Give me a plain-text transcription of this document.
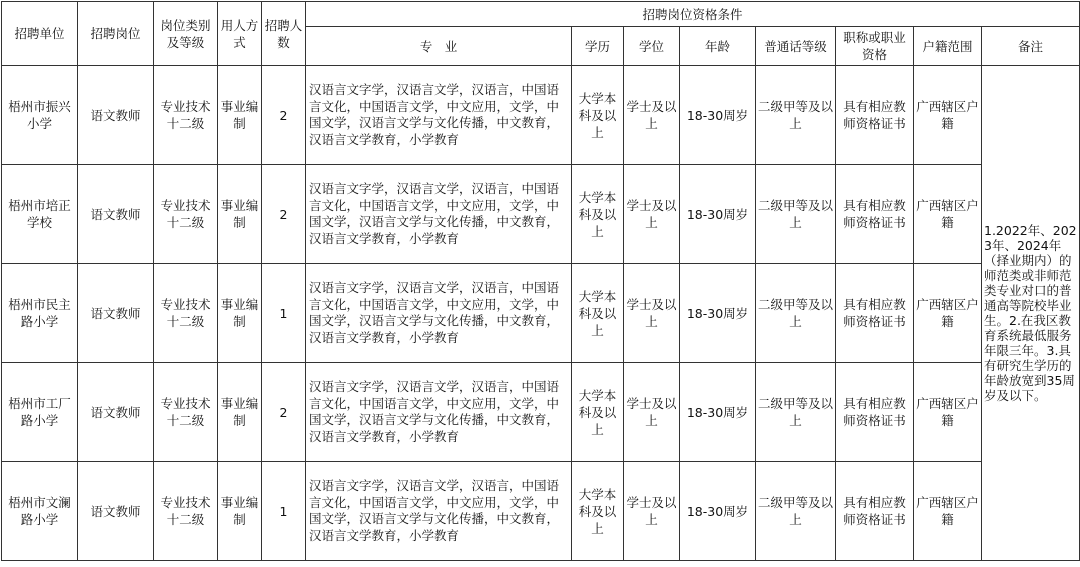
招聘单位	招聘岗位	岗位类别及等级	用人方式	招聘人数	招聘岗位资格条件							
					专　业	学历	学位	年龄	普通话等级	职称或职业资格	户籍范围	备注
梧州市振兴小学	语文教师	专业技术十二级	事业编制	2	汉语言文字学，汉语言文学，汉语言，中国语言文化，中国语言文学，中文应用，文学，中国文学，汉语言文学与文化传播，中文教育，汉语言文学教育，小学教育	大学本科及以上	学士及以上	18-30周岁	二级甲等及以上	具有相应教师资格证书	广西辖区户籍	1.2022年、2023年、2024年（择业期内）的师范类或非师范类专业对口的普通高等院校毕业生。2.在我区教育系统最低服务年限三年。3.具有研究生学历的年龄放宽到35周岁及以下。
梧州市培正学校	语文教师	专业技术十二级	事业编制	2	汉语言文字学，汉语言文学，汉语言，中国语言文化，中国语言文学，中文应用，文学，中国文学，汉语言文学与文化传播，中文教育，汉语言文学教育，小学教育	大学本科及以上	学士及以上	18-30周岁	二级甲等及以上	具有相应教师资格证书	广西辖区户籍	
梧州市民主路小学	语文教师	专业技术十二级	事业编制	1	汉语言文字学，汉语言文学，汉语言，中国语言文化，中国语言文学，中文应用，文学，中国文学，汉语言文学与文化传播，中文教育，汉语言文学教育，小学教育	大学本科及以上	学士及以上	18-30周岁	二级甲等及以上	具有相应教师资格证书	广西辖区户籍	
梧州市工厂路小学	语文教师	专业技术十二级	事业编制	2	汉语言文字学，汉语言文学，汉语言，中国语言文化，中国语言文学，中文应用，文学，中国文学，汉语言文学与文化传播，中文教育，汉语言文学教育，小学教育	大学本科及以上	学士及以上	18-30周岁	二级甲等及以上	具有相应教师资格证书	广西辖区户籍	
梧州市文澜路小学	语文教师	专业技术十二级	事业编制	1	汉语言文字学，汉语言文学，汉语言，中国语言文化，中国语言文学，中文应用，文学，中国文学，汉语言文学与文化传播，中文教育，汉语言文学教育，小学教育	大学本科及以上	学士及以上	18-30周岁	二级甲等及以上	具有相应教师资格证书	广西辖区户籍	
